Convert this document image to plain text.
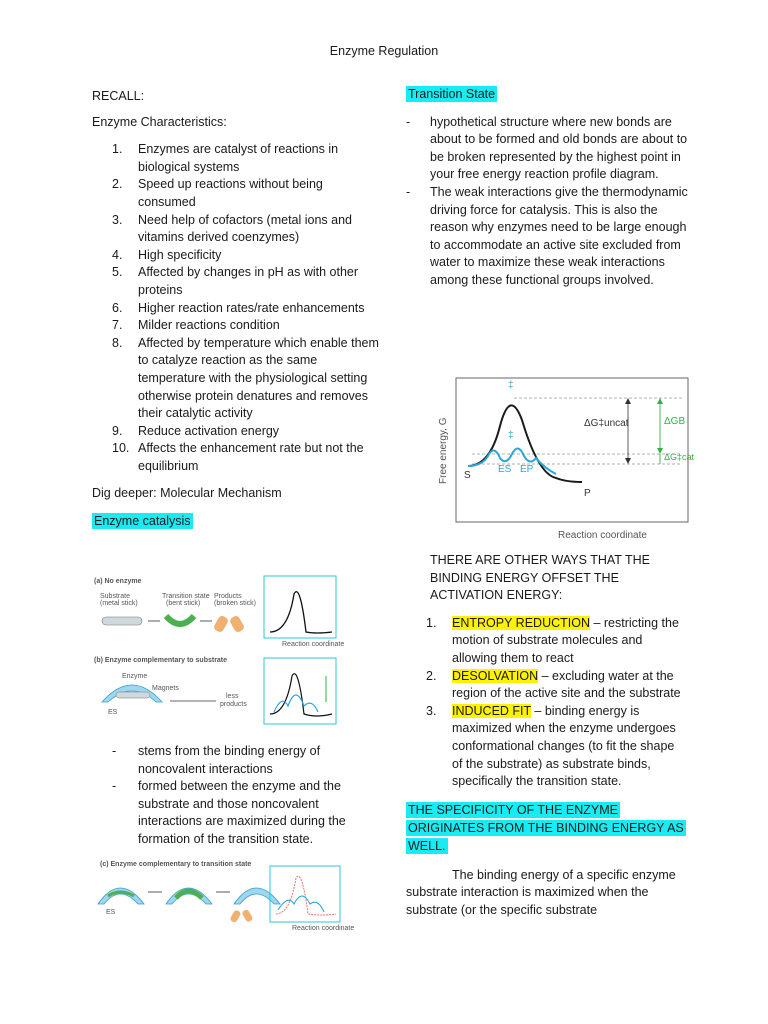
Enzyme Regulation

RECALL:

Enzyme Characteristics:

1.	Enzymes are catalyst of reactions in biological systems
2.	Speed up reactions without being consumed
3.	Need help of cofactors (metal ions and vitamins derived coenzymes)
4.	High specificity
5.	Affected by changes in pH as with other proteins
6.	Higher reaction rates/rate enhancements
7.	Milder reactions condition
8.	Affected by temperature which enable them to catalyze reaction as the same temperature with the physiological setting otherwise protein denatures and removes their catalytic activity
9.	Reduce activation energy
10. Affects the enhancement rate but not the equilibrium

Dig deeper: Molecular Mechanism

Enzyme catalysis

(a) No enzyme
Substrate
(metal stick)
Transition state
(bent stick)
Products
(broken stick)
Reaction coordinate
(b) Enzyme complementary to substrate
Enzyme
Magnets
ES
less
products
- stems from the binding energy of noncovalent interactions
- formed between the enzyme and the substrate and those noncovalent interactions are maximized during the formation of the transition state.
(c) Enzyme complementary to transition state
ES
Reaction coordinate

Transition State

- hypothetical structure where new bonds are about to be formed and old bonds are about to be broken represented by the highest point in your free energy reaction profile diagram.
- The weak interactions give the thermodynamic driving force for catalysis. This is also the reason why enzymes need to be large enough to accommodate an active site excluded from water to maximize these weak interactions among these functional groups involved.
Free energy, G
Reaction coordinate
‡
‡
S
ES EP
P
ΔG‡uncat	ΔGB
ΔG‡cat

THERE ARE OTHER WAYS THAT THE BINDING ENERGY OFFSET THE ACTIVATION ENERGY:

1.	ENTROPY REDUCTION – restricting the motion of substrate molecules and allowing them to react
2.	DESOLVATION – excluding water at the region of the active site and the substrate
3.	INDUCED FIT – binding energy is maximized when the enzyme undergoes conformational changes (to fit the shape of the substrate) as substrate binds, specifically the transition state.

THE SPECIFICITY OF THE ENZYME ORIGINATES FROM THE BINDING ENERGY AS WELL.

The binding energy of a specific enzyme substrate interaction is maximized when the substrate (or the specific substrate
